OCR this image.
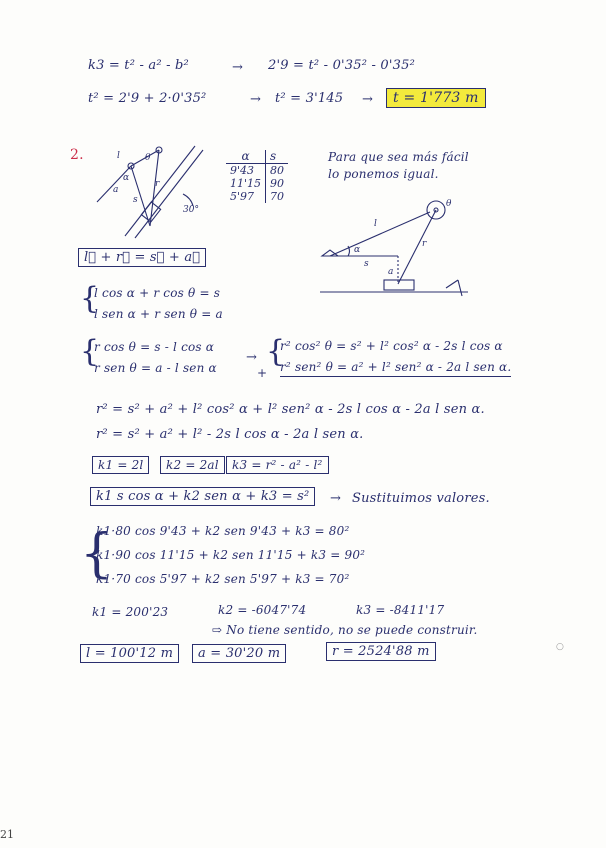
k3 = t² - a² - b²	→ 2'9 = t² - 0'35² - 0'35²
t² = 2'9 + 2·0'35²	→ t² = 3'145 →	t = 1'773 m
2.	l	θ
r
s
a
α
30°
α	s
9'43	80
11'15	90
5'97	70
Para que sea más fácil
lo ponemos igual.
l
α
s
r
a
θ
l⃗ + r⃗ = s⃗ + a⃗
{
l cos α + r cos θ = s
l sen α + r sen θ = a
{
r cos θ = s - l cos α
r sen θ = a - l sen α
→
+
{
r² cos² θ = s² + l² cos² α - 2s l cos α
r² sen² θ = a² + l² sen² α - 2a l sen α.
r² = s² + a² + l² cos² α + l² sen² α - 2s l cos α - 2a l sen α.
r² = s² + a² + l² - 2s l cos α - 2a l sen α.
k1 = 2l	k2 = 2al	k3 = r² - a² - l²
k1 s cos α + k2 sen α + k3 = s²	→ Sustituimos valores.
{
k1·80 cos 9'43 + k2 sen 9'43 + k3 = 80²
k1·90 cos 11'15 + k2 sen 11'15 + k3 = 90²
k1·70 cos 5'97 + k2 sen 5'97 + k3 = 70²
k1 = 200'23	k2 = -6047'74	k3 = -8411'17
⇨ No tiene sentido, no se puede construir.
l = 100'12 m	a = 30'20 m	r = 2524'88 m	○
21
